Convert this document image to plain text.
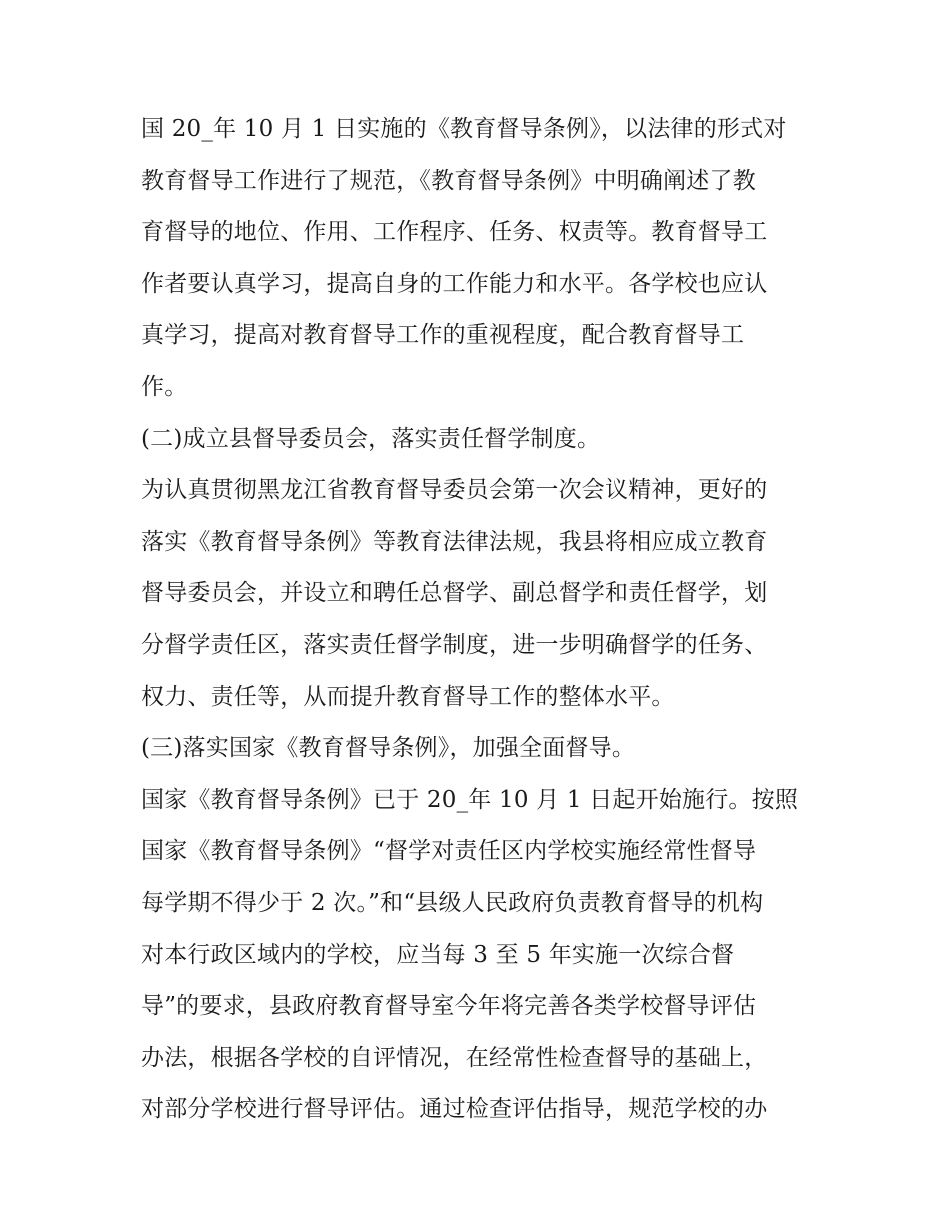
国 20_年 10 月 1 日实施的《教育督导条例》，以法律的形式对
教育督导工作进行了规范，《教育督导条例》中明确阐述了教
育督导的地位、作用、工作程序、任务、权责等。教育督导工
作者要认真学习，提高自身的工作能力和水平。各学校也应认
真学习，提高对教育督导工作的重视程度，配合教育督导工
作。
(二)成立县督导委员会，落实责任督学制度。
为认真贯彻黑龙江省教育督导委员会第一次会议精神，更好的
落实《教育督导条例》等教育法律法规，我县将相应成立教育
督导委员会，并设立和聘任总督学、副总督学和责任督学，划
分督学责任区，落实责任督学制度，进一步明确督学的任务、
权力、责任等，从而提升教育督导工作的整体水平。
(三)落实国家《教育督导条例》，加强全面督导。
国家《教育督导条例》已于 20_年 10 月 1 日起开始施行。按照
国家《教育督导条例》“督学对责任区内学校实施经常性督导
每学期不得少于 2 次。”和“县级人民政府负责教育督导的机构
对本行政区域内的学校，应当每 3 至 5 年实施一次综合督
导”的要求，县政府教育督导室今年将完善各类学校督导评估
办法，根据各学校的自评情况，在经常性检查督导的基础上，
对部分学校进行督导评估。通过检查评估指导，规范学校的办
